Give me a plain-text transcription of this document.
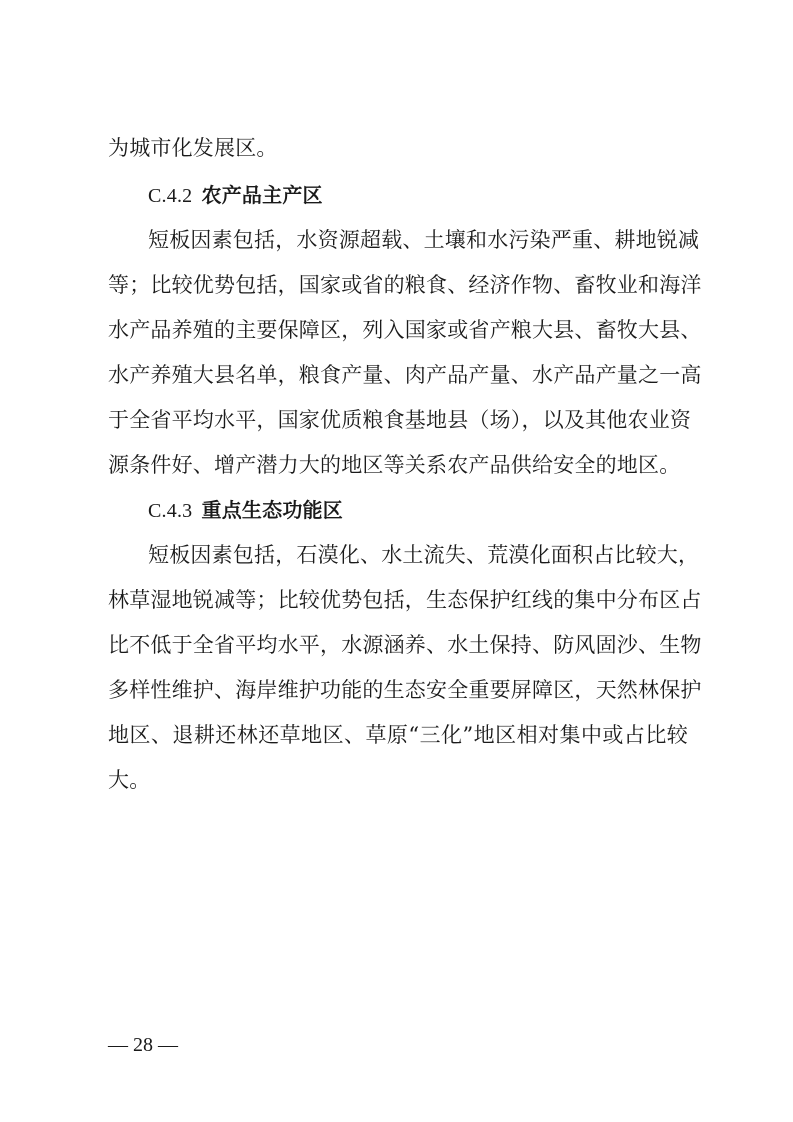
为城市化发展区。
C.4.2 农产品主产区
短板因素包括，水资源超载、土壤和水污染严重、耕地锐减
等；比较优势包括，国家或省的粮食、经济作物、畜牧业和海洋
水产品养殖的主要保障区，列入国家或省产粮大县、畜牧大县、
水产养殖大县名单，粮食产量、肉产品产量、水产品产量之一高
于全省平均水平，国家优质粮食基地县（场），以及其他农业资
源条件好、增产潜力大的地区等关系农产品供给安全的地区。
C.4.3 重点生态功能区
短板因素包括，石漠化、水土流失、荒漠化面积占比较大，
林草湿地锐减等；比较优势包括，生态保护红线的集中分布区占
比不低于全省平均水平，水源涵养、水土保持、防风固沙、生物
多样性维护、海岸维护功能的生态安全重要屏障区，天然林保护
地区、退耕还林还草地区、草原“三化”地区相对集中或占比较
大。
— 28 —
